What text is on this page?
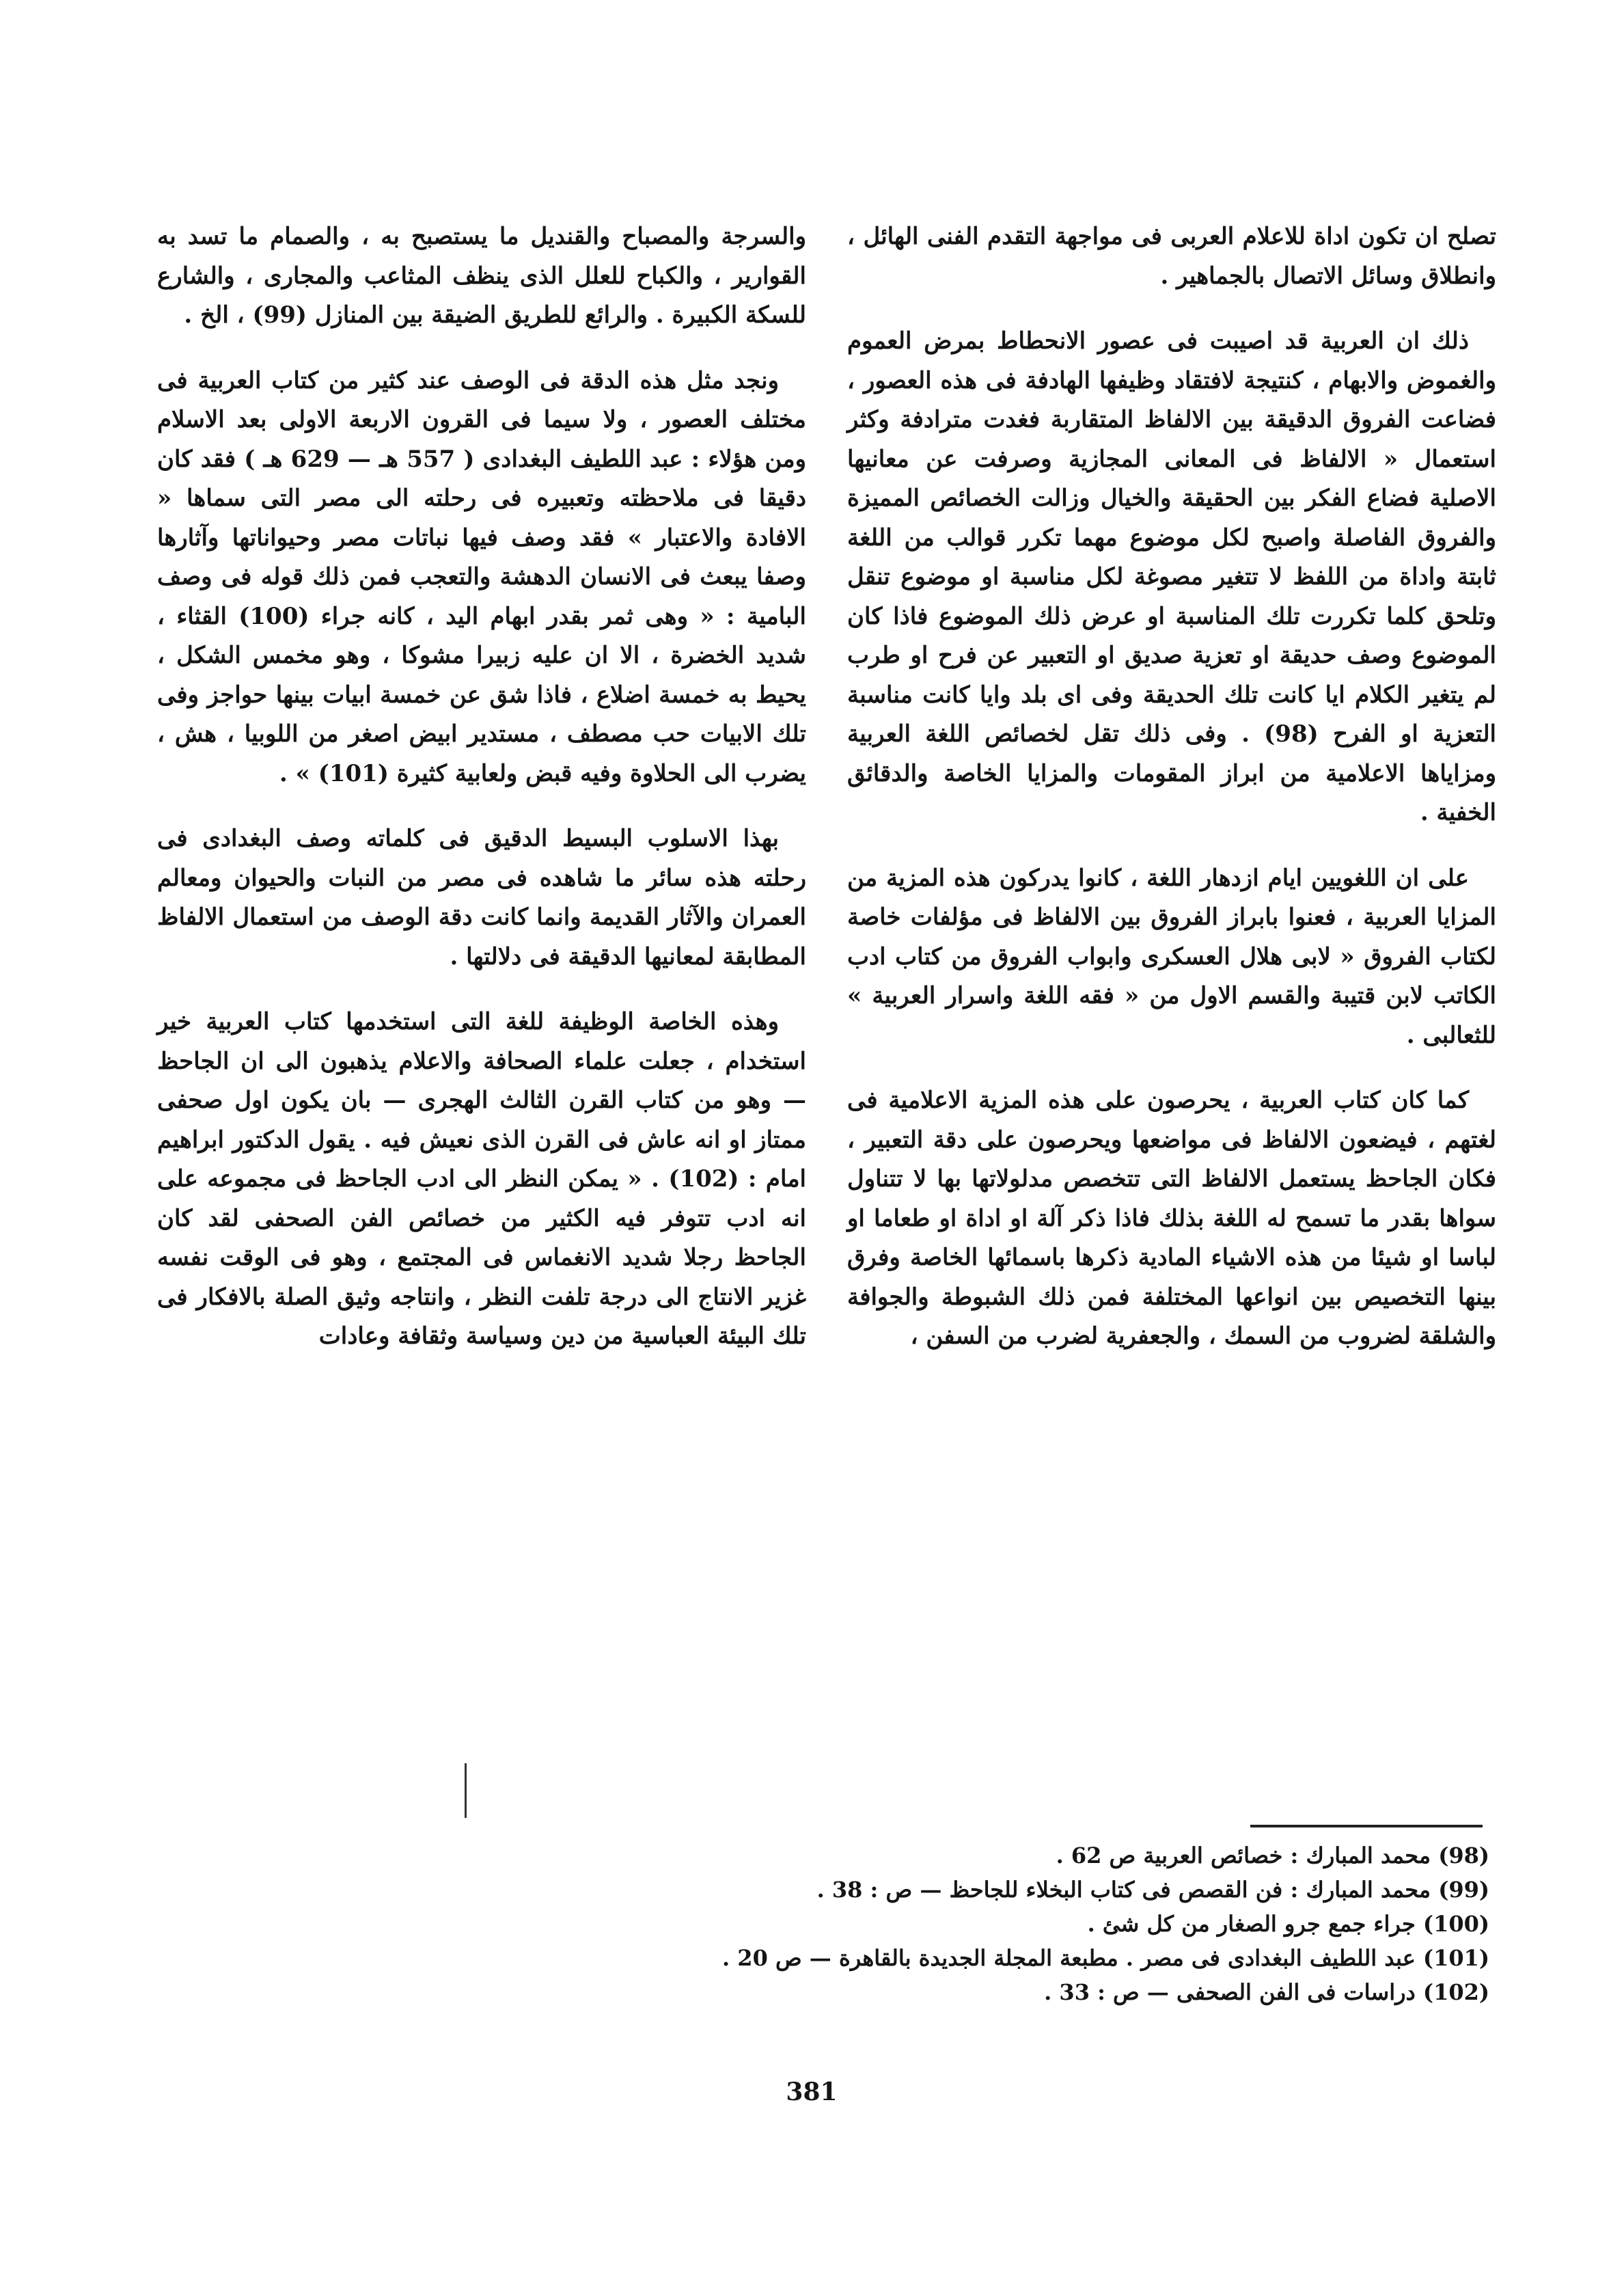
تصلح ان تكون اداة للاعلام العربى فى مواجهة التقدم الفنى الهائل ، وانطلاق وسائل الاتصال بالجماهير .

ذلك ان العربية قد اصيبت فى عصور الانحطاط بمرض العموم والغموض والابهام ، كنتيجة لافتقاد وظيفها الهادفة فى هذه العصور ، فضاعت الفروق الدقيقة بين الالفاظ المتقاربة فغدت مترادفة وكثر استعمال « الالفاظ فى المعانى المجازية وصرفت عن معانيها الاصلية فضاع الفكر بين الحقيقة والخيال وزالت الخصائص المميزة والفروق الفاصلة واصبح لكل موضوع مهما تكرر قوالب من اللغة ثابتة واداة من اللفظ لا تتغير مصوغة لكل مناسبة او موضوع تنقل وتلحق كلما تكررت تلك المناسبة او عرض ذلك الموضوع فاذا كان الموضوع وصف حديقة او تعزية صديق او التعبير عن فرح او طرب لم يتغير الكلام ايا كانت تلك الحديقة وفى اى بلد وايا كانت مناسبة التعزية او الفرح (98) . وفى ذلك تقل لخصائص اللغة العربية ومزاياها الاعلامية من ابراز المقومات والمزايا الخاصة والدقائق الخفية .

على ان اللغويين ايام ازدهار اللغة ، كانوا يدركون هذه المزية من المزايا العربية ، فعنوا بابراز الفروق بين الالفاظ فى مؤلفات خاصة لكتاب الفروق « لابى هلال العسكرى وابواب الفروق من كتاب ادب الكاتب لابن قتيبة والقسم الاول من « فقه اللغة واسرار العربية » للثعالبى .

كما كان كتاب العربية ، يحرصون على هذه المزية الاعلامية فى لغتهم ، فيضعون الالفاظ فى مواضعها ويحرصون على دقة التعبير ، فكان الجاحظ يستعمل الالفاظ التى تتخصص مدلولاتها بها لا تتناول سواها بقدر ما تسمح له اللغة بذلك فاذا ذكر آلة او اداة او طعاما او لباسا او شيئا من هذه الاشياء المادية ذكرها باسمائها الخاصة وفرق بينها التخصيص بين انواعها المختلفة فمن ذلك الشبوطة والجوافة والشلقة لضروب من السمك ، والجعفرية لضرب من السفن ،

والسرجة والمصباح والقنديل ما يستصبح به ، والصمام ما تسد به القوارير ، والكباح للعلل الذى ينظف المثاعب والمجارى ، والشارع للسكة الكبيرة . والرائع للطريق الضيقة بين المنازل (99) ، الخ .

ونجد مثل هذه الدقة فى الوصف عند كثير من كتاب العربية فى مختلف العصور ، ولا سيما فى القرون الاربعة الاولى بعد الاسلام ومن هؤلاء : عبد اللطيف البغدادى ( 557 هـ — 629 هـ ) فقد كان دقيقا فى ملاحظته وتعبيره فى رحلته الى مصر التى سماها « الافادة والاعتبار » فقد وصف فيها نباتات مصر وحيواناتها وآثارها وصفا يبعث فى الانسان الدهشة والتعجب فمن ذلك قوله فى وصف البامية : « وهى ثمر بقدر ابهام اليد ، كانه جراء (100) القثاء ، شديد الخضرة ، الا ان عليه زبيرا مشوكا ، وهو مخمس الشكل ، يحيط به خمسة اضلاع ، فاذا شق عن خمسة ابيات بينها حواجز وفى تلك الابيات حب مصطف ، مستدير ابيض اصغر من اللوبيا ، هش ، يضرب الى الحلاوة وفيه قبض ولعابية كثيرة (101) » .

بهذا الاسلوب البسيط الدقيق فى كلماته وصف البغدادى فى رحلته هذه سائر ما شاهده فى مصر من النبات والحيوان ومعالم العمران والآثار القديمة وانما كانت دقة الوصف من استعمال الالفاظ المطابقة لمعانيها الدقيقة فى دلالتها .

وهذه الخاصة الوظيفة للغة التى استخدمها كتاب العربية خير استخدام ، جعلت علماء الصحافة والاعلام يذهبون الى ان الجاحظ — وهو من كتاب القرن الثالث الهجرى — بان يكون اول صحفى ممتاز او انه عاش فى القرن الذى نعيش فيه . يقول الدكتور ابراهيم امام : (102) . « يمكن النظر الى ادب الجاحظ فى مجموعه على انه ادب تتوفر فيه الكثير من خصائص الفن الصحفى لقد كان الجاحظ رجلا شديد الانغماس فى المجتمع ، وهو فى الوقت نفسه غزير الانتاج الى درجة تلفت النظر ، وانتاجه وثيق الصلة بالافكار فى تلك البيئة العباسية من دين وسياسة وثقافة وعادات

(98) محمد المبارك : خصائص العربية ص 62 .
(99) محمد المبارك : فن القصص فى كتاب البخلاء للجاحظ — ص : 38 .
(100) جراء جمع جرو الصغار من كل شئ .
(101) عبد اللطيف البغدادى فى مصر . مطبعة المجلة الجديدة بالقاهرة — ص 20 .
(102) دراسات فى الفن الصحفى — ص : 33 .
381
